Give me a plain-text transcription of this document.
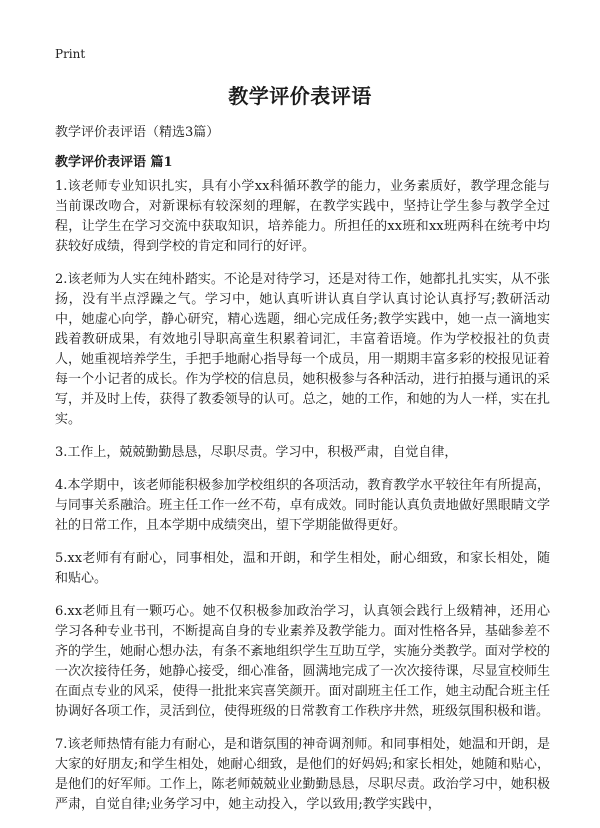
Print
教学评价表评语
教学评价表评语（精选3篇）
教学评价表评语 篇1

1.该老师专业知识扎实，具有小学xx科循环教学的能力，业务素质好，教学理念能与当前课改吻合，对新课标有较深刻的理解，在教学实践中，坚持让学生参与教学全过程，让学生在学习交流中获取知识，培养能力。所担任的xx班和xx班两科在统考中均获较好成绩，得到学校的肯定和同行的好评。

2.该老师为人实在纯朴踏实。不论是对待学习，还是对待工作，她都扎扎实实，从不张扬，没有半点浮躁之气。学习中，她认真听讲认真自学认真讨论认真抒写;教研活动中，她虚心向学，静心研究，精心选题，细心完成任务;教学实践中，她一点一滴地实践着教研成果，有效地引导职高童生积累着词汇，丰富着语境。作为学校报社的负责人，她重视培养学生，手把手地耐心指导每一个成员，用一期期丰富多彩的校报见证着每一个小记者的成长。作为学校的信息员，她积极参与各种活动，进行拍摄与通讯的采写，并及时上传，获得了教委领导的认可。总之，她的工作，和她的为人一样，实在扎实。

3.工作上，兢兢勤勤恳恳，尽职尽责。学习中，积极严肃，自觉自律，

4.本学期中，该老师能积极参加学校组织的各项活动，教育教学水平较往年有所提高，与同事关系融洽。班主任工作一丝不苟，卓有成效。同时能认真负责地做好黑眼睛文学社的日常工作，且本学期中成绩突出，望下学期能做得更好。

5.xx老师有有耐心，同事相处，温和开朗，和学生相处，耐心细致，和家长相处，随和贴心。

6.xx老师且有一颗巧心。她不仅积极参加政治学习，认真领会践行上级精神，还用心学习各种专业书刊，不断提高自身的专业素养及教学能力。面对性格各异，基础参差不齐的学生，她耐心想办法，有条不紊地组织学生互助互学，实施分类教学。面对学校的一次次接待任务，她静心接受，细心准备，圆满地完成了一次次接待课，尽显宣校师生在面点专业的风采，使得一批批来宾喜笑颜开。面对副班主任工作，她主动配合班主任协调好各项工作，灵活到位，使得班级的日常教育工作秩序井然，班级氛围积极和谐。

7.该老师热情有能力有耐心，是和谐氛围的神奇调剂师。和同事相处，她温和开朗，是大家的好朋友;和学生相处，她耐心细致，是他们的好妈妈;和家长相处，她随和贴心，是他们的好军师。工作上，陈老师兢兢业业勤勤恳恳，尽职尽责。政治学习中，她积极严肃，自觉自律;业务学习中，她主动投入，学以致用;教学实践中，
